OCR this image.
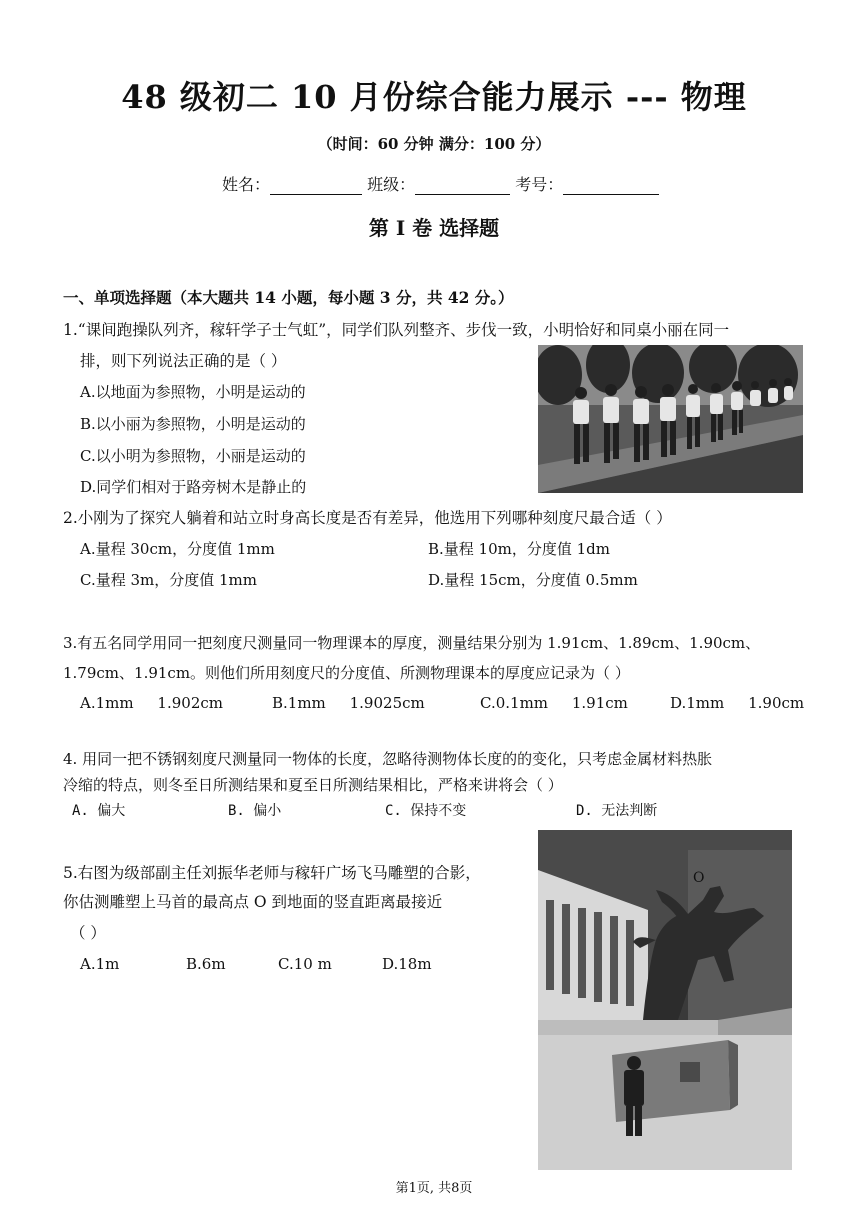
48 级初二 10 月份综合能力展示 --- 物理
（时间：60 分钟 满分：100 分）
姓名：	班级：	考号：
第 I 卷 选择题
一、单项选择题（本大题共 14 小题，每小题 3 分，共 42 分。）
1.“课间跑操队列齐，稼轩学子士气虹”，同学们队列整齐、步伐一致，小明恰好和同桌小丽在同一
排，则下列说法正确的是（ ）
A.以地面为参照物，小明是运动的
B.以小丽为参照物，小明是运动的
C.以小明为参照物，小丽是运动的
D.同学们相对于路旁树木是静止的
2.小刚为了探究人躺着和站立时身高长度是否有差异，他选用下列哪种刻度尺最合适（ ）
A.量程 30cm，分度值 1mm	B.量程 10m，分度值 1dm
C.量程 3m，分度值 1mm	D.量程 15cm，分度值 0.5mm
3.有五名同学用同一把刻度尺测量同一物理课本的厚度，测量结果分别为 1.91cm、1.89cm、1.90cm、
1.79cm、1.91cm。则他们所用刻度尺的分度值、所测物理课本的厚度应记录为（ ）
A.1mm     1.902cm	B.1mm     1.9025cm	C.0.1mm     1.91cm	D.1mm     1.90cm
4. 用同一把不锈钢刻度尺测量同一物体的长度，忽略待测物体长度的的变化，只考虑金属材料热胀
冷缩的特点，则冬至日所测结果和夏至日所测结果相比，严格来讲将会（ ）
A. 偏大	B. 偏小	C. 保持不变	D. 无法判断
5.右图为级部副主任刘振华老师与稼轩广场飞马雕塑的合影，
你估测雕塑上马首的最高点 O 到地面的竖直距离最接近
（ ）
A.1m	B.6m	C.10 m	D.18m
O
第1页, 共8页
